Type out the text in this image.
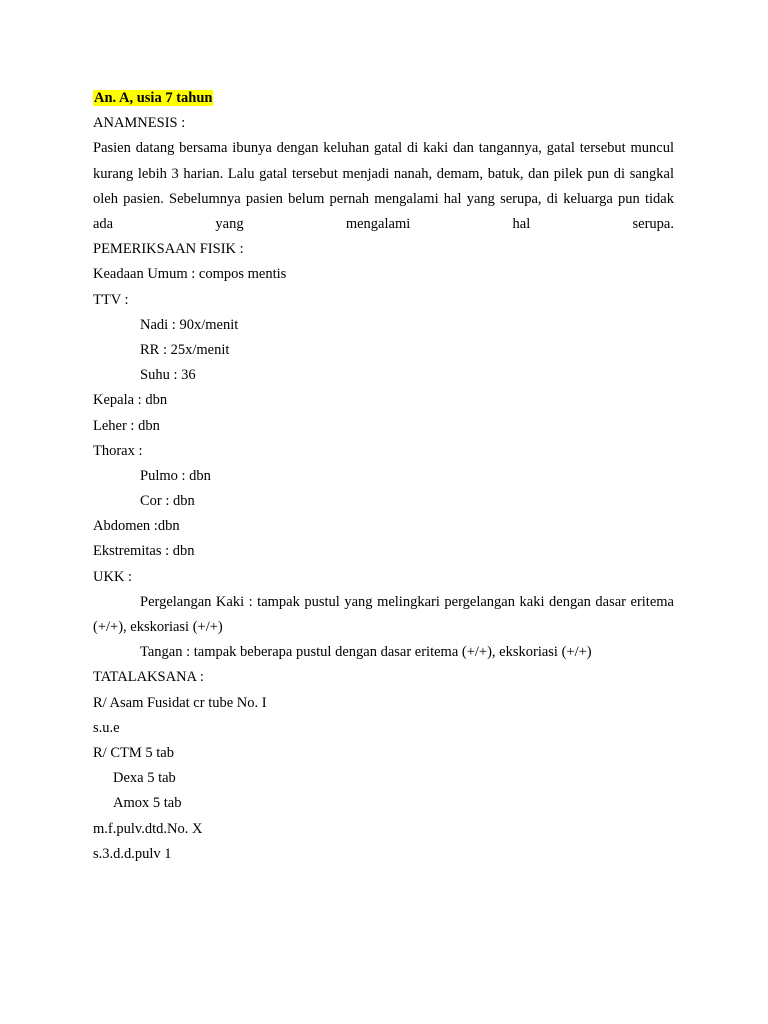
An. A, usia 7 tahun
ANAMNESIS :
Pasien datang bersama ibunya dengan keluhan gatal di kaki dan tangannya, gatal tersebut muncul kurang lebih 3 harian. Lalu gatal tersebut menjadi nanah, demam, batuk, dan pilek pun di sangkal oleh pasien. Sebelumnya pasien belum pernah mengalami hal yang serupa, di keluarga pun tidak ada yang mengalami hal serupa.
PEMERIKSAAN FISIK :
Keadaan Umum : compos mentis
TTV :
Nadi : 90x/menit
RR : 25x/menit
Suhu : 36
Kepala : dbn
Leher : dbn
Thorax :
Pulmo : dbn
Cor : dbn
Abdomen :dbn
Ekstremitas : dbn
UKK :
Pergelangan Kaki : tampak pustul yang melingkari pergelangan kaki dengan dasar eritema (+/+), ekskoriasi (+/+)
Tangan : tampak beberapa pustul dengan dasar eritema (+/+), ekskoriasi (+/+)
TATALAKSANA :
R/ Asam Fusidat cr tube No. I
s.u.e
R/ CTM 5 tab
Dexa 5 tab
Amox 5 tab
m.f.pulv.dtd.No. X
s.3.d.d.pulv 1
